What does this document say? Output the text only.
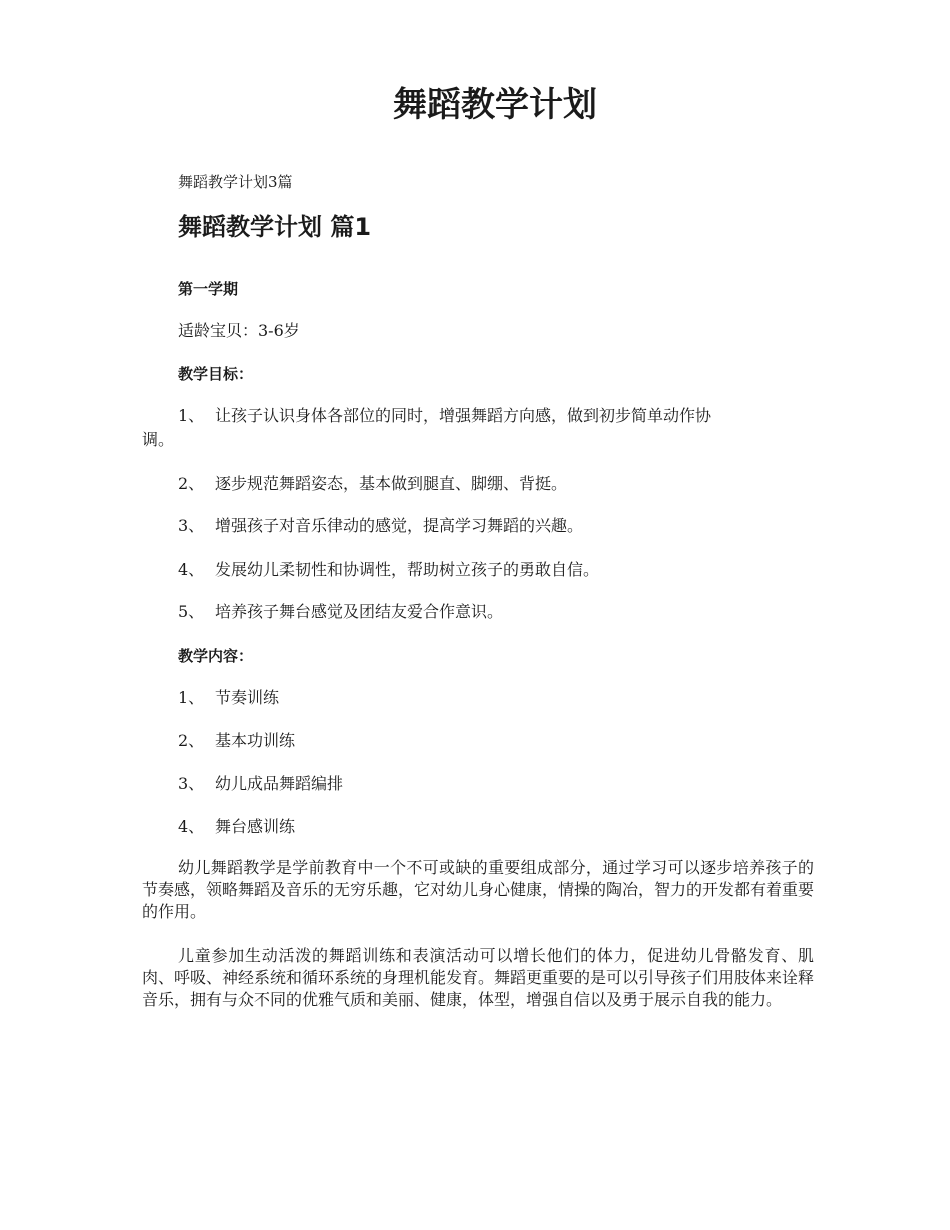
舞蹈教学计划

舞蹈教学计划3篇

舞蹈教学计划 篇1

第一学期

适龄宝贝：3-6岁

教学目标：

1、 让孩子认识身体各部位的同时，增强舞蹈方向感，做到初步简单动作协

调。

2、 逐步规范舞蹈姿态，基本做到腿直、脚绷、背挺。

3、 增强孩子对音乐律动的感觉，提高学习舞蹈的兴趣。

4、 发展幼儿柔韧性和协调性，帮助树立孩子的勇敢自信。

5、 培养孩子舞台感觉及团结友爱合作意识。

教学内容：

1、 节奏训练

2、 基本功训练

3、 幼儿成品舞蹈编排

4、 舞台感训练

幼儿舞蹈教学是学前教育中一个不可或缺的重要组成部分，通过学习可以逐步培养孩子的节奏感，领略舞蹈及音乐的无穷乐趣，它对幼儿身心健康，情操的陶冶，智力的开发都有着重要的作用。

儿童参加生动活泼的舞蹈训练和表演活动可以增长他们的体力，促进幼儿骨骼发育、肌肉、呼吸、神经系统和循环系统的身理机能发育。舞蹈更重要的是可以引导孩子们用肢体来诠释音乐，拥有与众不同的优雅气质和美丽、健康，体型，增强自信以及勇于展示自我的能力。
